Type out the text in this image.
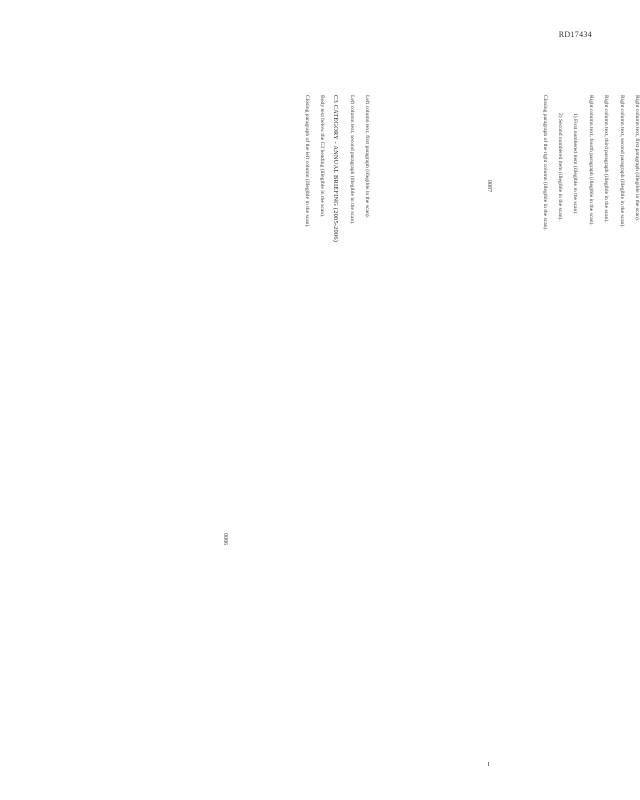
RD17434

Left column text, first paragraph (illegible in the scan).

Left column text, second paragraph (illegible in the scan).

C3 CATEGORY - ANNUAL BRIEFING (2005-2006)

Body text below the C3 heading (illegible in the scan).

Closing paragraph of the left column (illegible in the scan).	Right column text, first paragraph (illegible in the scan).

Right column text, second paragraph (illegible in the scan).

Right column text, third paragraph (illegible in the scan).

Right column text, fourth paragraph (illegible in the scan).

1) First numbered item (illegible in the scan).

2) Second numbered item (illegible in the scan).

Closing paragraph of the right column (illegible in the scan).

0086
0087
